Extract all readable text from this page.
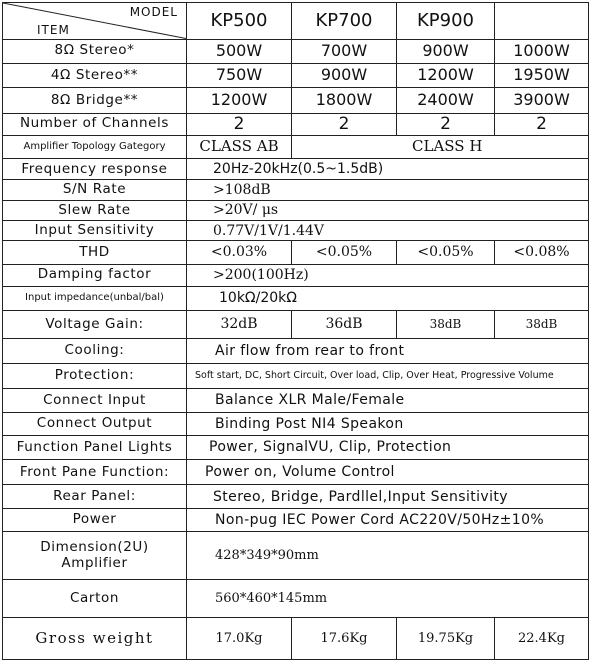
MODEL
ITEM	KP500	KP700	KP900	
8Ω Stereo*	500W	700W	900W	1000W
4Ω Stereo**	750W	900W	1200W	1950W
8Ω Bridge**	1200W	1800W	2400W	3900W
Number of Channels	2	2	2	2
Amplifier Topology Gategory	CLASS AB	CLASS H		
Frequency response	20Hz-20kHz(0.5~1.5dB)			
S/N Rate	>108dB			
Slew Rate	>20V/ μs			
Input Sensitivity	0.77V/1V/1.44V			
THD	<0.03%	<0.05%	<0.05%	<0.08%
Damping factor	>200(100Hz)			
Input impedance(unbal/bal)	10kΩ/20kΩ			
Voltage Gain:	32dB	36dB	38dB	38dB
Cooling:	Air flow from rear to front			
Protection:	Soft start, DC, Short Circuit, Over load, Clip, Over Heat, Progressive Volume			
Connect Input	Balance XLR Male/Female			
Connect Output	Binding Post NI4 Speakon			
Function Panel Lights	Power, SignalVU, Clip, Protection			
Front Pane Function:	Power on, Volume Control			
Rear Panel:	Stereo, Bridge, Pardllel,Input Sensitivity			
Power	Non-pug IEC Power Cord AC220V/50Hz±10%			

Dimension(2U)
Amplifier	428*349*90mm			
Carton	560*460*145mm			
Gross weight	17.0Kg	17.6Kg	19.75Kg	22.4Kg
